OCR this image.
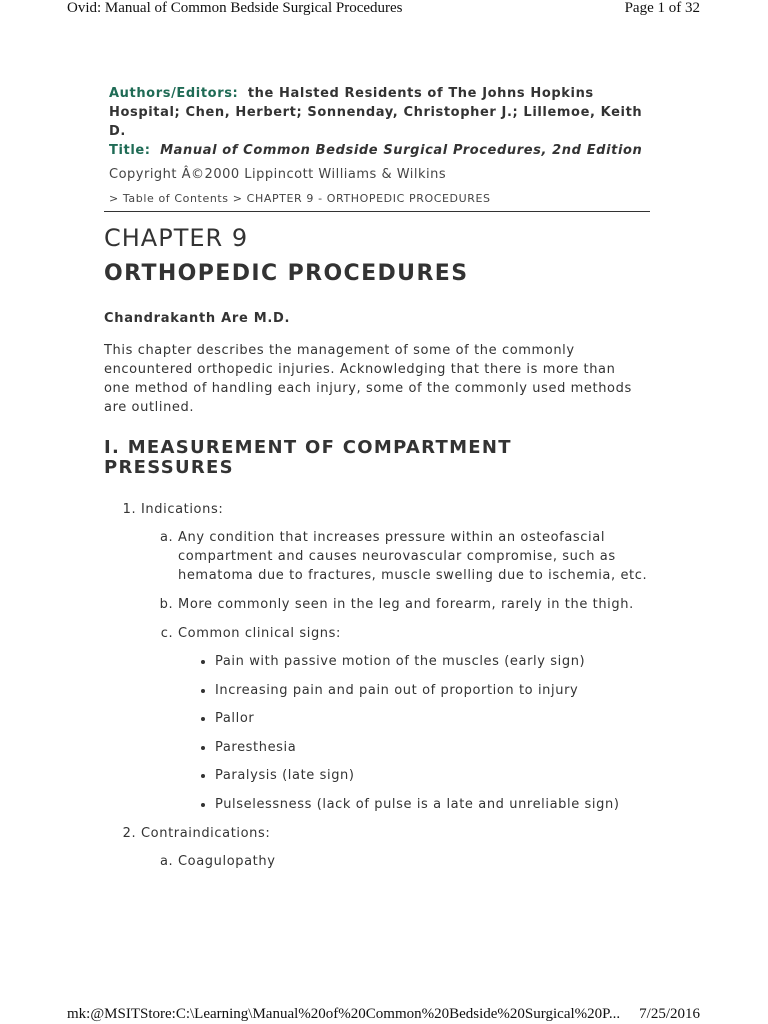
Ovid: Manual of Common Bedside Surgical Procedures	Page 1 of 32
Authors/Editors: the Halsted Residents of The Johns Hopkins Hospital; Chen, Herbert; Sonnenday, Christopher J.; Lillemoe, Keith D.
Title: Manual of Common Bedside Surgical Procedures, 2nd Edition
Copyright Â©2000 Lippincott Williams & Wilkins
> Table of Contents > CHAPTER 9 - ORTHOPEDIC PROCEDURES
CHAPTER 9
ORTHOPEDIC PROCEDURES
Chandrakanth Are M.D.
This chapter describes the management of some of the commonly encountered orthopedic injuries. Acknowledging that there is more than one method of handling each injury, some of the commonly used methods are outlined.
I. MEASUREMENT OF COMPARTMENT PRESSURES
1. Indications:
a. Any condition that increases pressure within an osteofascial compartment and causes neurovascular compromise, such as hematoma due to fractures, muscle swelling due to ischemia, etc.
b. More commonly seen in the leg and forearm, rarely in the thigh.
c. Common clinical signs:
• Pain with passive motion of the muscles (early sign)
• Increasing pain and pain out of proportion to injury
• Pallor
• Paresthesia
• Paralysis (late sign)
• Pulselessness (lack of pulse is a late and unreliable sign)
2. Contraindications:
a. Coagulopathy
mk:@MSITStore:C:\Learning\Manual%20of%20Common%20Bedside%20Surgical%20P... 7/25/2016
